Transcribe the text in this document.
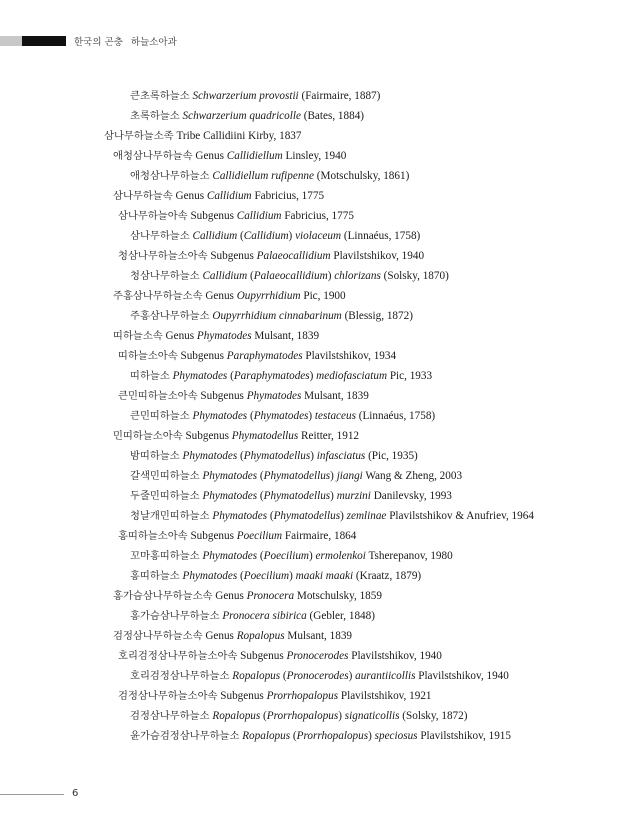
한국의 곤충 하늘소아과
큰초록하늘소 Schwarzerium provostii (Fairmaire, 1887)
초록하늘소 Schwarzerium quadricolle (Bates, 1884)
삼나무하늘소족 Tribe Callidiini Kirby, 1837
애청삼나무하늘속 Genus Callidiellum Linsley, 1940
애청삼나무하늘소 Callidiellum rufipenne (Motschulsky, 1861)
삼나무하늘속 Genus Callidium Fabricius, 1775
삼나무하늘아속 Subgenus Callidium Fabricius, 1775
삼나무하늘소 Callidium (Callidium) violaceum (Linnaéus, 1758)
청삼나무하늘소아속 Subgenus Palaeocallidium Plavilstshikov, 1940
청삼나무하늘소 Callidium (Palaeocallidium) chlorizans (Solsky, 1870)
주홍삼나무하늘소속 Genus Oupyrrhidium Pic, 1900
주홍삼나무하늘소 Oupyrrhidium cinnabarinum (Blessig, 1872)
띠하늘소속 Genus Phymatodes Mulsant, 1839
띠하늘소아속 Subgenus Paraphymatodes Plavilstshikov, 1934
띠하늘소 Phymatodes (Paraphymatodes) mediofasciatum Pic, 1933
큰민띠하늘소아속 Subgenus Phymatodes Mulsant, 1839
큰민띠하늘소 Phymatodes (Phymatodes) testaceus (Linnaéus, 1758)
민띠하늘소아속 Subgenus Phymatodellus Reitter, 1912
밤띠하늘소 Phymatodes (Phymatodellus) infasciatus (Pic, 1935)
갈색민띠하늘소 Phymatodes (Phymatodellus) jiangi Wang & Zheng, 2003
두줄민띠하늘소 Phymatodes (Phymatodellus) murzini Danilevsky, 1993
청날개민띠하늘소 Phymatodes (Phymatodellus) zemlinae Plavilstshikov & Anufriev, 1964
홍띠하늘소아속 Subgenus Poecilium Fairmaire, 1864
꼬마홍띠하늘소 Phymatodes (Poecilium) ermolenkoi Tsherepanov, 1980
홍띠하늘소 Phymatodes (Poecilium) maaki maaki (Kraatz, 1879)
홍가슴삼나무하늘소속 Genus Pronocera Motschulsky, 1859
홍가슴삼나무하늘소 Pronocera sibirica (Gebler, 1848)
검정삼나무하늘소속 Genus Ropalopus Mulsant, 1839
호리검정삼나무하늘소아속 Subgenus Pronocerodes Plavilstshikov, 1940
호리검정삼나무하늘소 Ropalopus (Pronocerodes) aurantiicollis Plavilstshikov, 1940
검정삼나무하늘소아속 Subgenus Prorrhopalopus Plavilstshikov, 1921
검정삼나무하늘소 Ropalopus (Prorrhopalopus) signaticollis (Solsky, 1872)
윤가슴검정삼나무하늘소 Ropalopus (Prorrhopalopus) speciosus Plavilstshikov, 1915
6
